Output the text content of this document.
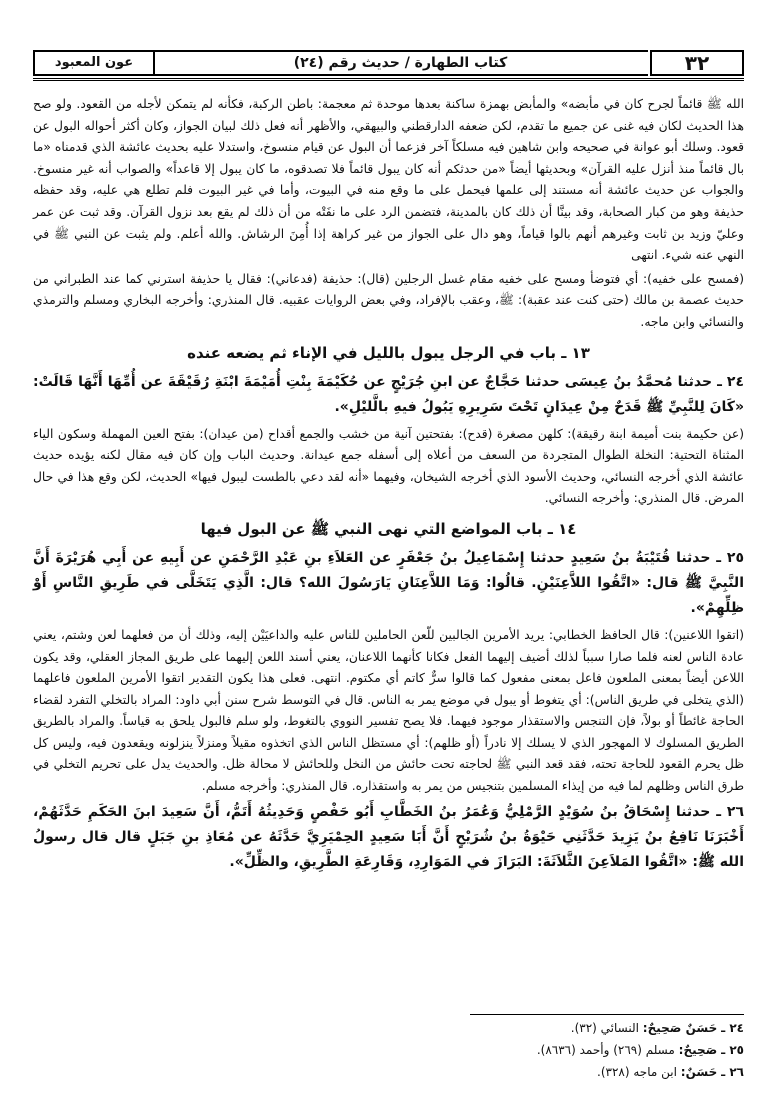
٣٢
كتاب الطهارة / حديث رقم (٢٤)
عون المعبود

الله ﷺ قائماً لجرح كان في مأبضه» والمأبض بهمزة ساكنة بعدها موحدة ثم معجمة: باطن الركبة، فكأنه لم يتمكن لأجله من القعود. ولو صح هذا الحديث لكان فيه غنى عن جميع ما تقدم، لكن ضعفه الدارقطني والبيهقي، والأظهر أنه فعل ذلك لبيان الجواز، وكان أكثر أحواله البول عن قعود. وسلك أبو عوانة في صحيحه وابن شاهين فيه مسلكاً آخر فزعما أن البول عن قيام منسوخ، واستدلا عليه بحديث عائشة الذي قدمناه «ما بال قائماً منذ أنزل عليه القرآن» وبحديثها أيضاً «من حدثكم أنه كان يبول قائماً فلا تصدقوه، ما كان يبول إلا قاعداً» والصواب أنه غير منسوخ. والجواب عن حديث عائشة أنه مستند إلى علمها فيحمل على ما وقع منه في البيوت، وأما في غير البيوت فلم تطلع هي عليه، وقد حفظه حذيفة وهو من كبار الصحابة، وقد بينَّا أن ذلك كان بالمدينة، فتضمن الرد على ما نفَتْه من أن ذلك لم يقع بعد نزول القرآن. وقد ثبت عن عمر وعليّ وزيد بن ثابت وغيرهم أنهم بالوا قياماً، وهو دال على الجواز من غير كراهة إذا أُمِنَ الرشاش. والله أعلم. ولم يثبت عن النبي ﷺ في النهي عنه شيء. انتهى

(فمسح على خفيه): أي فتوضأ ومسح على خفيه مقام غسل الرجلين (قال): حذيفة (فدعاني): فقال يا حذيفة استرني كما عند الطبراني من حديث عصمة بن مالك (حتى كنت عند عقبة): ﷺ، وعقب بالإفراد، وفي بعض الروايات عقبيه. قال المنذري: وأخرجه البخاري ومسلم والترمذي والنسائي وابن ماجه.

١٣ ـ باب في الرجل يبول بالليل في الإناء ثم يضعه عنده

٢٤ ـ حدثنا مُحمَّدُ بنُ عِيسَى حدثنا حَجَّاجٌ عن ابنِ جُرَيْجٍ عن حُكَيْمَةَ بِنْتِ أُمَيْمَةَ ابْنَةِ رُقَيْقَةَ عن أُمِّهَا أَنَّهَا قَالَتْ: «كَانَ لِلنَّبِيِّ ﷺ قَدَحٌ مِنْ عِيدَانٍ تَحْتَ سَرِيرِهِ يَبُولُ فيهِ بالَّليْلِ».

(عن حكيمة بنت أميمة ابنة رقيقة): كلهن مصغرة (قدح): بفتحتين آنية من خشب والجمع أقداح (من عيدان): بفتح العين المهملة وسكون الياء المثناة التحتية: النخلة الطوال المتجردة من السعف من أعلاه إلى أسفله جمع عيدانة. وحديث الباب وإن كان فيه مقال لكنه يؤيده حديث عائشة الذي أخرجه النسائي، وحديث الأسود الذي أخرجه الشيخان، وفيهما «أنه لقد دعي بالطست ليبول فيها» الحديث، لكن وقع هذا في حال المرض. قال المنذري: وأخرجه النسائي.

١٤ ـ باب المواضع التي نهى النبي ﷺ عن البول فيها

٢٥ ـ حدثنا قُتَيْبَةُ بنُ سَعِيدٍ حدثنا إِسْمَاعِيلُ بنُ جَعْفَرٍ عن العَلاَءِ بنِ عَبْدِ الرَّحْمَنِ عن أَبِيهِ عن أَبِي هُرَيْرَةَ أَنَّ النَّبِيَّ ﷺ قال: «اتَّقُوا اللاَّعِنَيْنِ. قالُوا: وَمَا اللاَّعِنَانِ يَارَسُولَ الله؟ قال: الَّذِي يَتَخَلَّى في طَرِيقِ النَّاسِ أَوْ ظِلِّهِمْ».

(اتقوا اللاعنين): قال الحافظ الخطابي: يريد الأمرين الجالبين للّعن الحاملين للناس عليه والداعيَيْن إليه، وذلك أن من فعلهما لعن وشتم، يعني عادة الناس لعنه فلما صارا سبباً لذلك أضيف إليهما الفعل فكانا كأنهما اللاعنان، يعني أسند اللعن إليهما على طريق المجاز العقلي، وقد يكون اللاعن أيضاً بمعنى الملعون فاعل بمعنى مفعول كما قالوا سرٌّ كاتم أي مكتوم. انتهى. فعلى هذا يكون التقدير اتقوا الأمرين الملعون فاعلهما (الذي يتخلى في طريق الناس): أي يتغوط أو يبول في موضع يمر به الناس. قال في التوسط شرح سنن أبي داود: المراد بالتخلي التفرد لقضاء الحاجة غائطاً أو بولاً، فإن التنجس والاستقذار موجود فيهما. فلا يصح تفسير النووي بالتغوط، ولو سلم فالبول يلحق به قياساً. والمراد بالطريق الطريق المسلوك لا المهجور الذي لا يسلك إلا نادراً (أو ظلهم): أي مستظل الناس الذي اتخذوه مقيلاً ومنزلاً ينزلونه ويقعدون فيه، وليس كل ظل يحرم القعود للحاجة تحته، فقد قعد النبي ﷺ لحاجته تحت حائش من النخل وللحائش لا محالة ظل. والحديث يدل على تحريم التخلي في طرق الناس وظلهم لما فيه من إيذاء المسلمين بتنجيس من يمر به واستقذاره. قال المنذري: وأخرجه مسلم.

٢٦ ـ حدثنا إِسْحَاقُ بنُ سُوَيْدٍ الرَّمْلِيُّ وَعُمَرُ بنُ الخَطَّابِ أَبُو حَفْصٍ وَحَدِيثُهُ أَتَمُّ، أَنَّ سَعِيدَ ابنَ الحَكَمِ حَدَّثَهُمْ، أَخْبَرَنَا نَافِعُ بنُ يَزِيدَ حَدَّثَنِي حَيْوَةُ بنُ شُرَيْحٍ أَنَّ أَبَا سَعِيدٍ الحِمْيَرِيَّ حَدَّثَهُ عن مُعَاذِ بنِ جَبَلٍ قال قال رسولُ الله ﷺ: «اتَّقُوا المَلاَعِنَ الثَّلاَثَةَ: البَرَازَ في المَوَارِدِ، وَقَارِعَةِ الطَّرِيقِ، والظِّلِّ».

٢٤ ـ حَسَنٌ صَحِيحٌ: النسائي (٣٢).
٢٥ ـ صَحِيحٌ: مسلم (٢٦٩) وأحمد (٨٦٣٦).
٢٦ ـ حَسَنٌ: ابن ماجه (٣٢٨).
